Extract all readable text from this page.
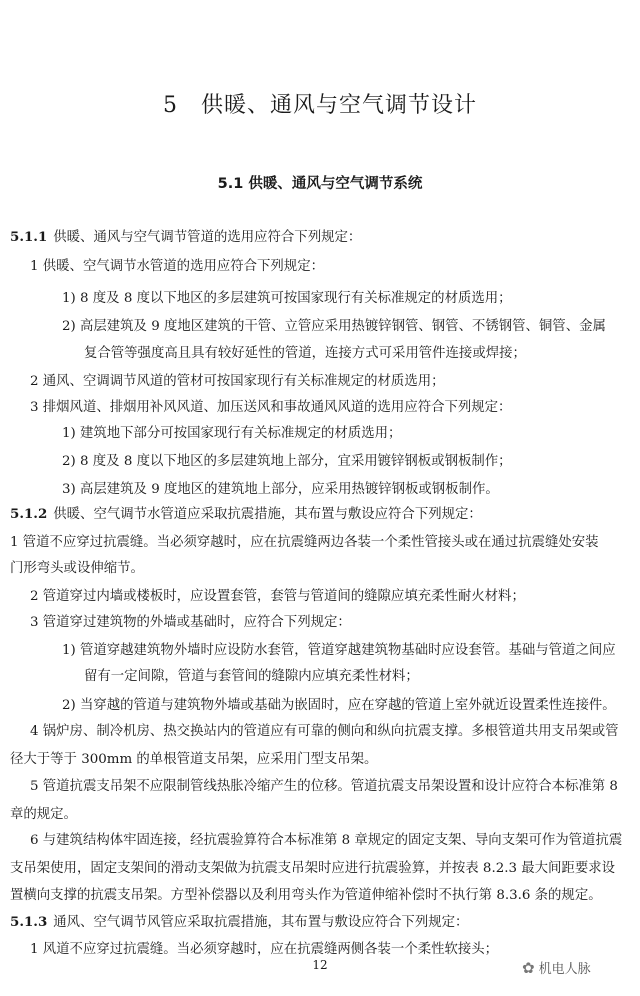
5　供暖、通风与空气调节设计
5.1 供暖、通风与空气调节系统
5.1.1 供暖、通风与空气调节管道的选用应符合下列规定：
1 供暖、空气调节水管道的选用应符合下列规定：
1) 8 度及 8 度以下地区的多层建筑可按国家现行有关标准规定的材质选用；
2) 高层建筑及 9 度地区建筑的干管、立管应采用热镀锌钢管、钢管、不锈钢管、铜管、金属
复合管等强度高且具有较好延性的管道，连接方式可采用管件连接或焊接；
2 通风、空调调节风道的管材可按国家现行有关标准规定的材质选用；
3 排烟风道、排烟用补风风道、加压送风和事故通风风道的选用应符合下列规定：
1) 建筑地下部分可按国家现行有关标准规定的材质选用；
2) 8 度及 8 度以下地区的多层建筑地上部分，宜采用镀锌钢板或钢板制作；
3) 高层建筑及 9 度地区的建筑地上部分，应采用热镀锌钢板或钢板制作。
5.1.2 供暖、空气调节水管道应采取抗震措施，其布置与敷设应符合下列规定：
1 管道不应穿过抗震缝。当必须穿越时，应在抗震缝两边各装一个柔性管接头或在通过抗震缝处安装
门形弯头或设伸缩节。
2 管道穿过内墙或楼板时，应设置套管，套管与管道间的缝隙应填充柔性耐火材料；
3 管道穿过建筑物的外墙或基础时，应符合下列规定：
1) 管道穿越建筑物外墙时应设防水套管，管道穿越建筑物基础时应设套管。基础与管道之间应
留有一定间隙，管道与套管间的缝隙内应填充柔性材料；
2) 当穿越的管道与建筑物外墙或基础为嵌固时，应在穿越的管道上室外就近设置柔性连接件。
4 锅炉房、制冷机房、热交换站内的管道应有可靠的侧向和纵向抗震支撑。多根管道共用支吊架或管
径大于等于 300mm 的单根管道支吊架，应采用门型支吊架。
5 管道抗震支吊架不应限制管线热胀冷缩产生的位移。管道抗震支吊架设置和设计应符合本标准第 8
章的规定。
6 与建筑结构体牢固连接，经抗震验算符合本标准第 8 章规定的固定支架、导向支架可作为管道抗震
支吊架使用，固定支架间的滑动支架做为抗震支吊架时应进行抗震验算，并按表 8.2.3 最大间距要求设
置横向支撑的抗震支吊架。方型补偿器以及利用弯头作为管道伸缩补偿时不执行第 8.3.6 条的规定。
5.1.3 通风、空气调节风管应采取抗震措施，其布置与敷设应符合下列规定：
1 风道不应穿过抗震缝。当必须穿越时，应在抗震缝两侧各装一个柔性软接头；
12	✿ 机电人脉
